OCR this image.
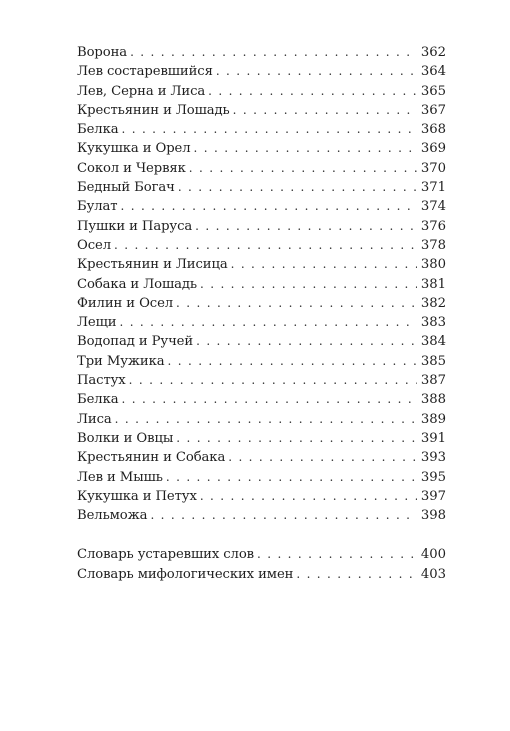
Ворона . . .	362
Лев состаревшийся . . .	364
Лев, Серна и Лиса . . .	365
Крестьянин и Лошадь . . .	367
Белка . . .	368
Кукушка и Орел . . .	369
Сокол и Червяк . . .	370
Бедный Богач . . .	371
Булат . . .	374
Пушки и Паруса . . .	376
Осел . . .	378
Крестьянин и Лисица . . .	380
Собака и Лошадь . . .	381
Филин и Осел . . .	382
Лещи . . .	383
Водопад и Ручей . . .	384
Три Мужика . . .	385
Пастух . . .	387
Белка . . .	388
Лиса . . .	389
Волки и Овцы . . .	391
Крестьянин и Собака . . .	393
Лев и Мышь . . .	395
Кукушка и Петух . . .	397
Вельможа . . .	398
Словарь устаревших слов . . .	400
Словарь мифологических имен . . .	403
